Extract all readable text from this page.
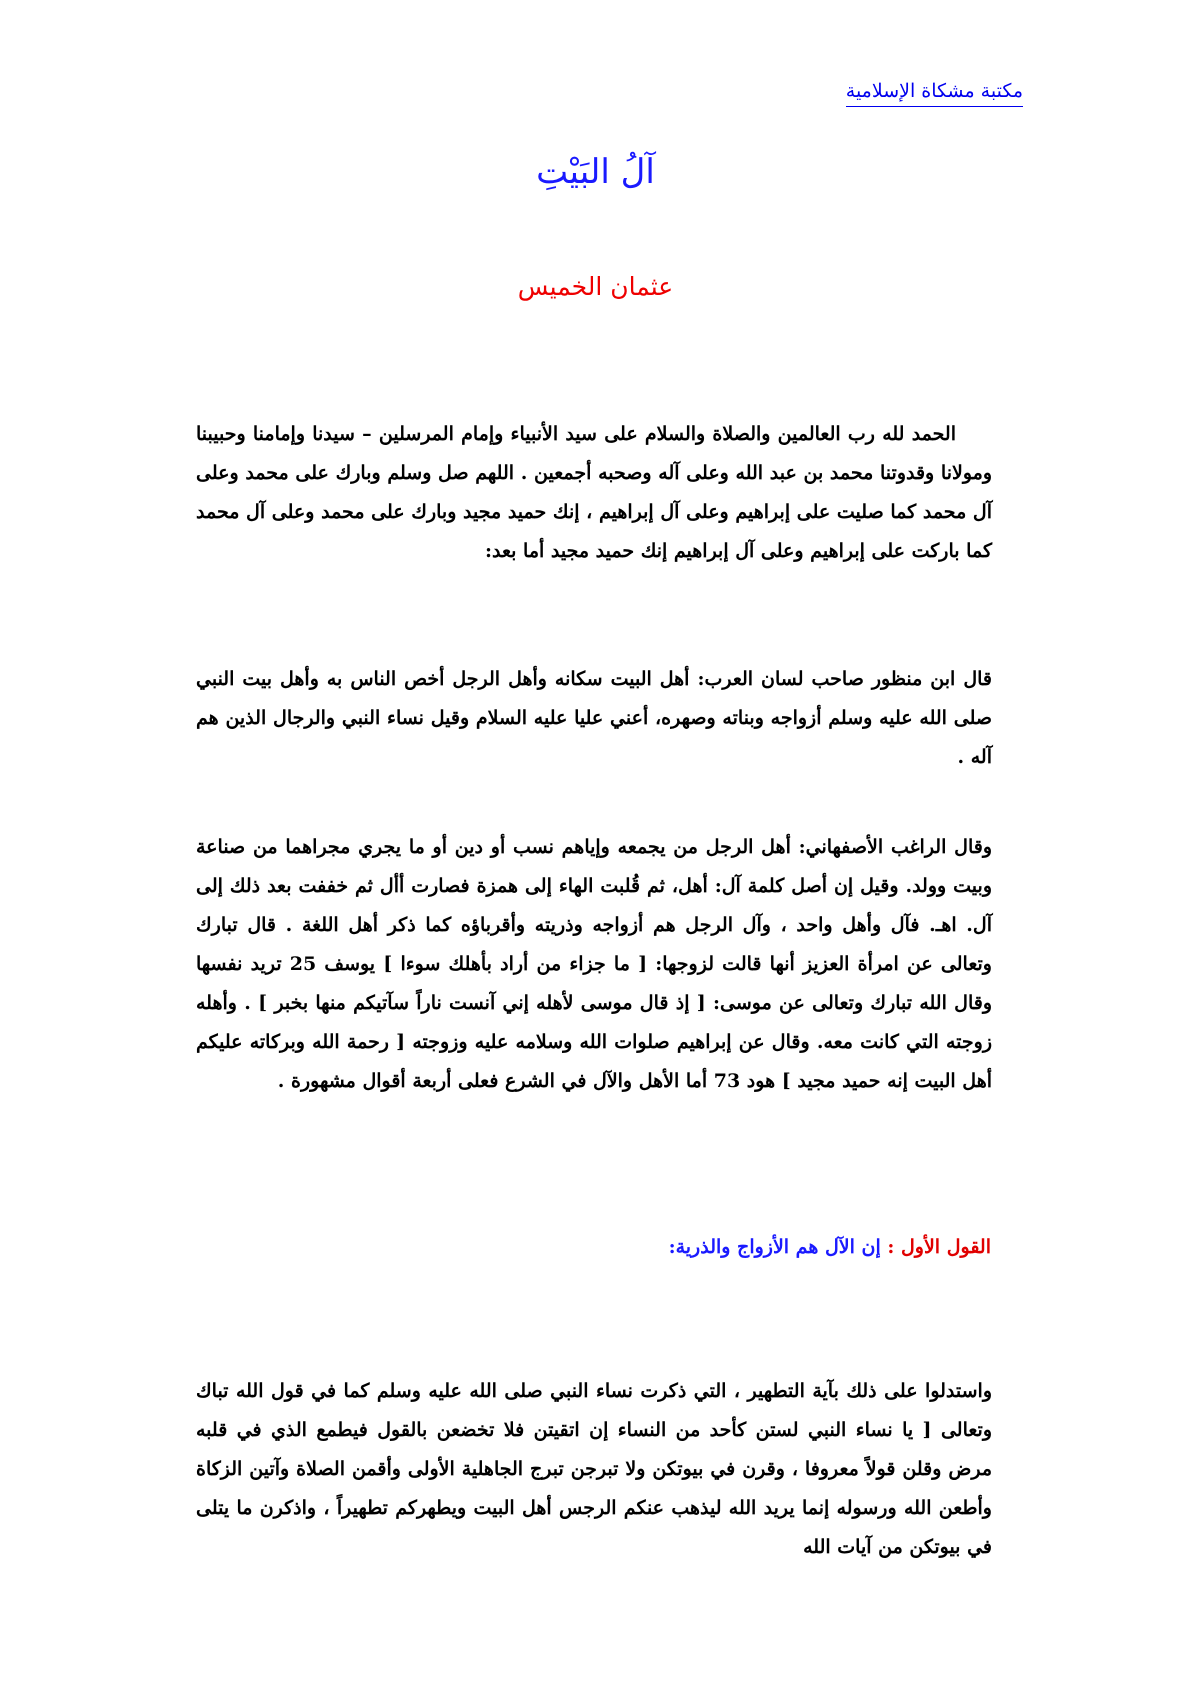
مكتبة مشكاة الإسلامية
آلُ البَيْتِ
عثمان الخميس

الحمد لله رب العالمين والصلاة والسلام على سيد الأنبياء وإمام المرسلين – سيدنا وإمامنا وحبيبنا ومولانا وقدوتنا محمد بن عبد الله وعلى آله وصحبه أجمعين . اللهم صل وسلم وبارك على محمد وعلى آل محمد كما صليت على إبراهيم وعلى آل إبراهيم ، إنك حميد مجيد وبارك على محمد وعلى آل محمد كما باركت على إبراهيم وعلى آل إبراهيم إنك حميد مجيد أما بعد:

قال ابن منظور صاحب لسان العرب: أهل البيت سكانه وأهل الرجل أخص الناس به وأهل بيت النبي صلى الله عليه وسلم أزواجه وبناته وصهره، أعني عليا عليه السلام وقيل نساء النبي والرجال الذين هم آله .

وقال الراغب الأصفهاني: أهل الرجل من يجمعه وإياهم نسب أو دين أو ما يجري مجراهما من صناعة وبيت وولد. وقيل إن أصل كلمة آل: أهل، ثم قُلبت الهاء إلى همزة فصارت أأل ثم خففت بعد ذلك إلى آل. اهـ. فآل وأهل واحد ، وآل الرجل هم أزواجه وذريته وأقرباؤه كما ذكر أهل اللغة . قال تبارك وتعالى عن امرأة العزيز أنها قالت لزوجها: [ ما جزاء من أراد بأهلك سوءا ] يوسف 25 تريد نفسها وقال الله تبارك وتعالى عن موسى: [ إذ قال موسى لأهله إني آنست ناراً سآتيكم منها بخبر ] . وأهله زوجته التي كانت معه. وقال عن إبراهيم صلوات الله وسلامه عليه وزوجته [ رحمة الله وبركاته عليكم أهل البيت إنه حميد مجيد ] هود 73 أما الأهل والآل في الشرع فعلى أربعة أقوال مشهورة .

القول الأول : إن الآل هم الأزواج والذرية:

واستدلوا على ذلك بآية التطهير ، التي ذكرت نساء النبي صلى الله عليه وسلم كما في قول الله تباك وتعالى [ يا نساء النبي لستن كأحد من النساء إن اتقيتن فلا تخضعن بالقول فيطمع الذي في قلبه مرض وقلن قولاً معروفا ، وقرن في بيوتكن ولا تبرجن تبرج الجاهلية الأولى وأقمن الصلاة وآتين الزكاة وأطعن الله ورسوله إنما يريد الله ليذهب عنكم الرجس أهل البيت ويطهركم تطهيراً ، واذكرن ما يتلى في بيوتكن من آيات الله
